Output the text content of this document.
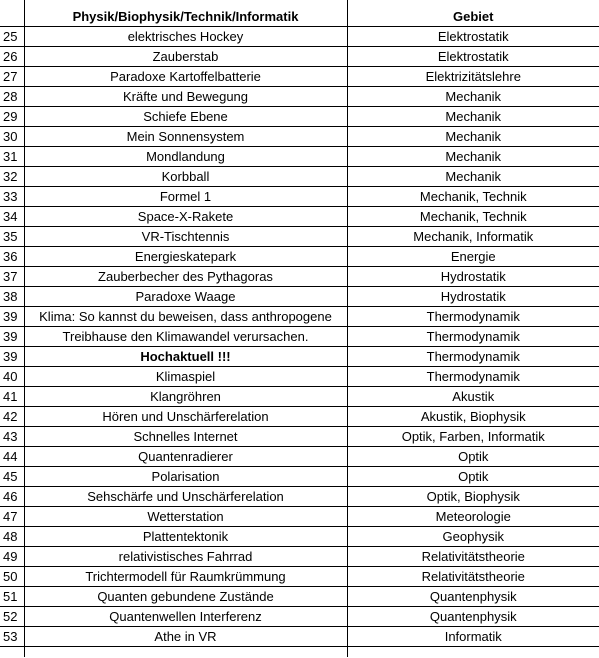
	Physik/Biophysik/Technik/Informatik	Gebiet
25	elektrisches Hockey	Elektrostatik
26	Zauberstab	Elektrostatik
27	Paradoxe Kartoffelbatterie	Elektrizitätslehre
28	Kräfte und Bewegung	Mechanik
29	Schiefe Ebene	Mechanik
30	Mein Sonnensystem	Mechanik
31	Mondlandung	Mechanik
32	Korbball	Mechanik
33	Formel 1	Mechanik, Technik
34	Space-X-Rakete	Mechanik, Technik
35	VR-Tischtennis	Mechanik, Informatik
36	Energieskatepark	Energie
37	Zauberbecher des Pythagoras	Hydrostatik
38	Paradoxe Waage	Hydrostatik
39	Klima: So kannst du beweisen, dass anthropogene	Thermodynamik
39	Treibhause den Klimawandel verursachen.	Thermodynamik
39	Hochaktuell !!!	Thermodynamik
40	Klimaspiel	Thermodynamik
41	Klangröhren	Akustik
42	Hören und Unschärferelation	Akustik, Biophysik
43	Schnelles Internet	Optik, Farben, Informatik
44	Quantenradierer	Optik
45	Polarisation	Optik
46	Sehschärfe und Unschärferelation	Optik, Biophysik
47	Wetterstation	Meteorologie
48	Plattentektonik	Geophysik
49	relativistisches Fahrrad	Relativitätstheorie
50	Trichtermodell für Raumkrümmung	Relativitätstheorie
51	Quanten gebundene Zustände	Quantenphysik
52	Quantenwellen Interferenz	Quantenphysik
53	Athe in VR	Informatik
